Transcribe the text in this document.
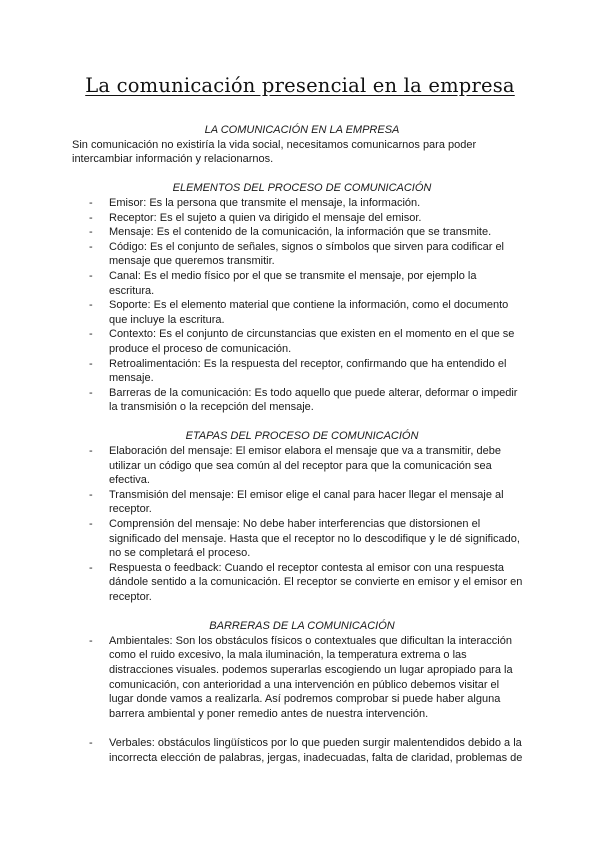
La comunicación presencial en la empresa

LA COMUNICACIÓN EN LA EMPRESA

Sin comunicación no existiría la vida social, necesitamos comunicarnos para poder
intercambiar información y relacionarnos.

ELEMENTOS DEL PROCESO DE COMUNICACIÓN

- Emisor: Es la persona que transmite el mensaje, la información.
- Receptor: Es el sujeto a quien va dirigido el mensaje del emisor.
- Mensaje: Es el contenido de la comunicación, la información que se transmite.
- Código: Es el conjunto de señales, signos o símbolos que sirven para codificar el
mensaje que queremos transmitir.
- Canal: Es el medio físico por el que se transmite el mensaje, por ejemplo la
escritura.
- Soporte: Es el elemento material que contiene la información, como el documento
que incluye la escritura.
- Contexto: Es el conjunto de circunstancias que existen en el momento en el que se
produce el proceso de comunicación.
- Retroalimentación: Es la respuesta del receptor, confirmando que ha entendido el
mensaje.
- Barreras de la comunicación: Es todo aquello que puede alterar, deformar o impedir
la transmisión o la recepción del mensaje.

ETAPAS DEL PROCESO DE COMUNICACIÓN

- Elaboración del mensaje: El emisor elabora el mensaje que va a transmitir, debe
utilizar un código que sea común al del receptor para que la comunicación sea
efectiva.
- Transmisión del mensaje: El emisor elige el canal para hacer llegar el mensaje al
receptor.
- Comprensión del mensaje: No debe haber interferencias que distorsionen el
significado del mensaje. Hasta que el receptor no lo descodifique y le dé significado,
no se completará el proceso.
- Respuesta o feedback: Cuando el receptor contesta al emisor con una respuesta
dándole sentido a la comunicación. El receptor se convierte en emisor y el emisor en
receptor.

BARRERAS DE LA COMUNICACIÓN

- Ambientales: Son los obstáculos físicos o contextuales que dificultan la interacción
como el ruido excesivo, la mala iluminación, la temperatura extrema o las
distracciones visuales. podemos superarlas escogiendo un lugar apropiado para la
comunicación, con anterioridad a una intervención en público debemos visitar el
lugar donde vamos a realizarla. Así podremos comprobar si puede haber alguna
barrera ambiental y poner remedio antes de nuestra intervención.
- Verbales: obstáculos lingüísticos por lo que pueden surgir malentendidos debido a la
incorrecta elección de palabras, jergas, inadecuadas, falta de claridad, problemas de
